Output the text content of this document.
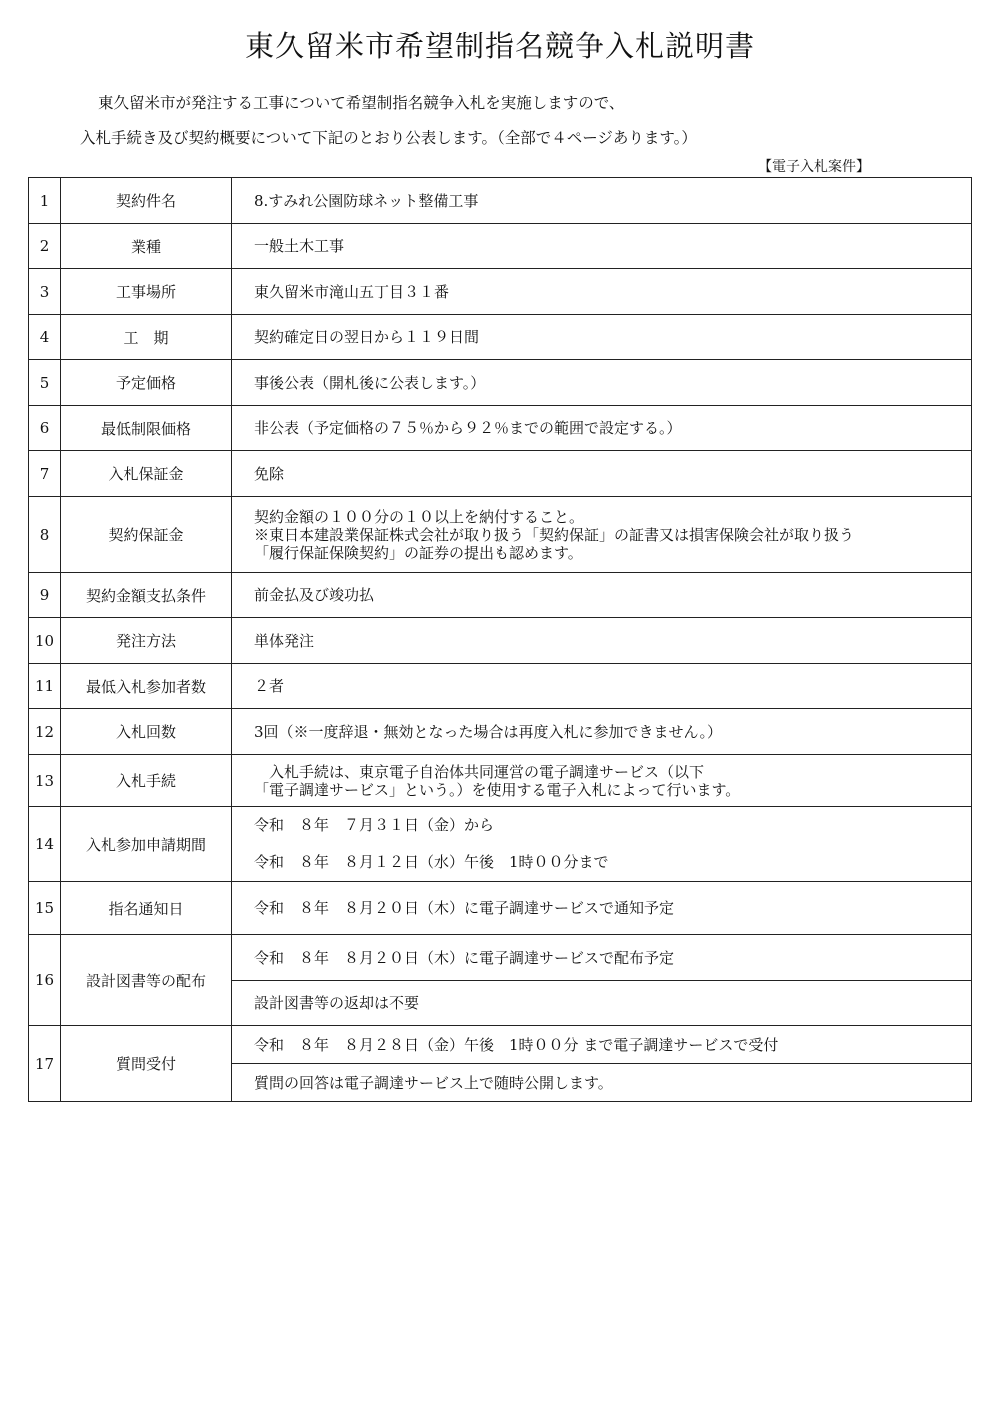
東久留米市希望制指名競争入札説明書
東久留米市が発注する工事について希望制指名競争入札を実施しますので、
入札手続き及び契約概要について下記のとおり公表します。（全部で４ページあります。）
【電子入札案件】
1	契約件名	8.すみれ公園防球ネット整備工事
2	業種	一般土木工事
3	工事場所	東久留米市滝山五丁目３１番
4	工　期	契約確定日の翌日から１１９日間
5	予定価格	事後公表（開札後に公表します。）
6	最低制限価格	非公表（予定価格の７５％から９２％までの範囲で設定する。）
7	入札保証金	免除
8	契約保証金	契約金額の１００分の１０以上を納付すること。
※東日本建設業保証株式会社が取り扱う「契約保証」の証書又は損害保険会社が取り扱う
「履行保証保険契約」の証券の提出も認めます。

9	契約金額支払条件	前金払及び竣功払
10	発注方法	単体発注
11	最低入札参加者数	２者
12	入札回数	3回（※一度辞退・無効となった場合は再度入札に参加できません。）
13	入札手続	　入札手続は、東京電子自治体共同運営の電子調達サービス（以下
「電子調達サービス」という。）を使用する電子入札によって行います。

14	入札参加申請期間	令和　８年　７月３１日（金）から
令和　８年　８月１２日（水）午後　1時００分まで

15	指名通知日	令和　８年　８月２０日（木）に電子調達サービスで通知予定
16	設計図書等の配布	令和　８年　８月２０日（木）に電子調達サービスで配布予定
		設計図書等の返却は不要
17	質問受付	令和　８年　８月２８日（金）午後　1時００分 まで電子調達サービスで受付
		質問の回答は電子調達サービス上で随時公開します。
